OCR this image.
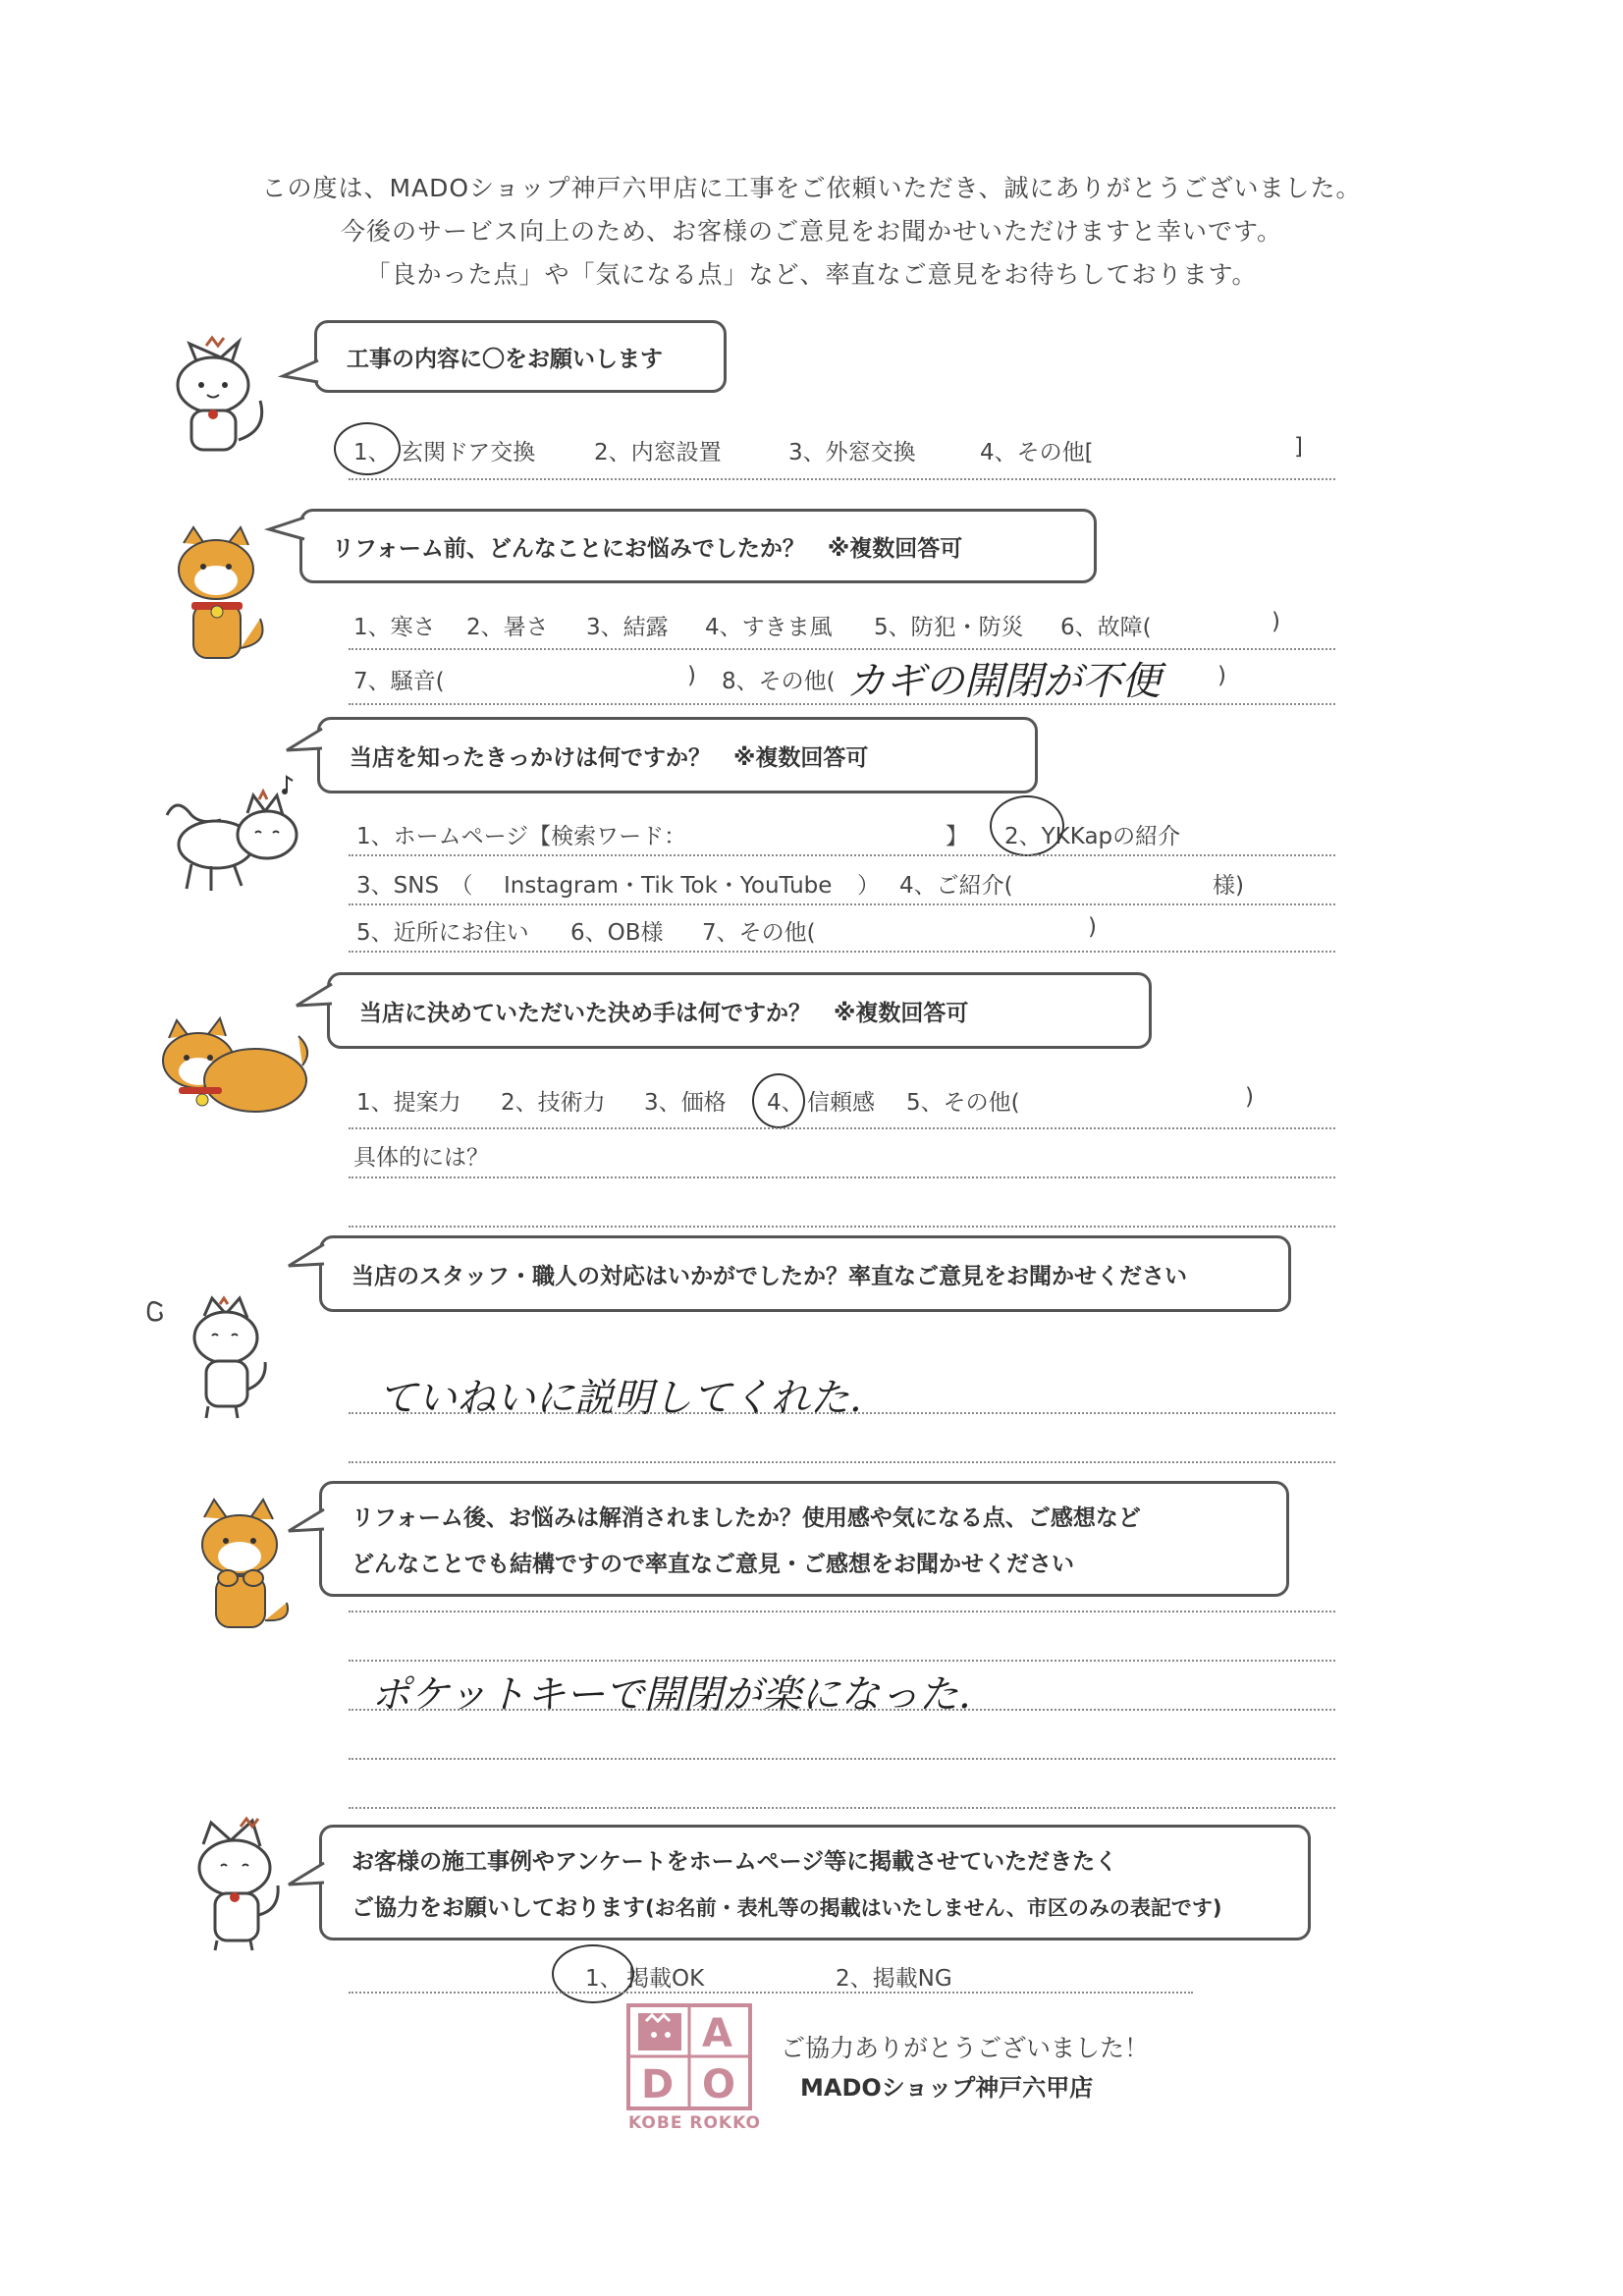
この度は、MADOショップ神戸六甲店に工事をご依頼いただき、誠にありがとうございました。
今後のサービス向上のため、お客様のご意見をお聞かせいただけますと幸いです。
「良かった点」や「気になる点」など、率直なご意見をお待ちしております。
工事の内容に〇をお願いします
1、 玄関ドア交換	2、内窓設置	3、外窓交換	4、その他[	]
リフォーム前、どんなことにお悩みでしたか？　※複数回答可
1、寒さ 2、暑さ 3、結露 4、すきま風 5、防犯・防災 6、故障(	)
7、騒音(	) 8、その他(	)
カギの開閉が不便
当店を知ったきっかけは何ですか？　※複数回答可
1、ホームページ【検索ワード：	】 2、YKKapの紹介
3、SNS　（ Instagram・Tik Tok・YouTube ） 4、ご紹介(	様)
5、近所にお住い 6、OB様 7、その他(	)
当店に決めていただいた決め手は何ですか？　※複数回答可
1、提案力 2、技術力 3、価格 4、 信頼感 5、その他(	)
具体的には？
当店のスタッフ・職人の対応はいかがでしたか？率直なご意見をお聞かせください
ていねいに説明してくれた.
リフォーム後、お悩みは解消されましたか？使用感や気になる点、ご感想など
どんなことでも結構ですので率直なご意見・ご感想をお聞かせください
ポケットキーで開閉が楽になった.
お客様の施工事例やアンケートをホームページ等に掲載させていただきたく
ご協力をお願いしております(お名前・表札等の掲載はいたしません、市区のみの表記です)
1、 掲載OK	2、掲載NG
A
D O
KOBE ROKKO
ご協力ありがとうございました！
MADOショップ神戸六甲店
